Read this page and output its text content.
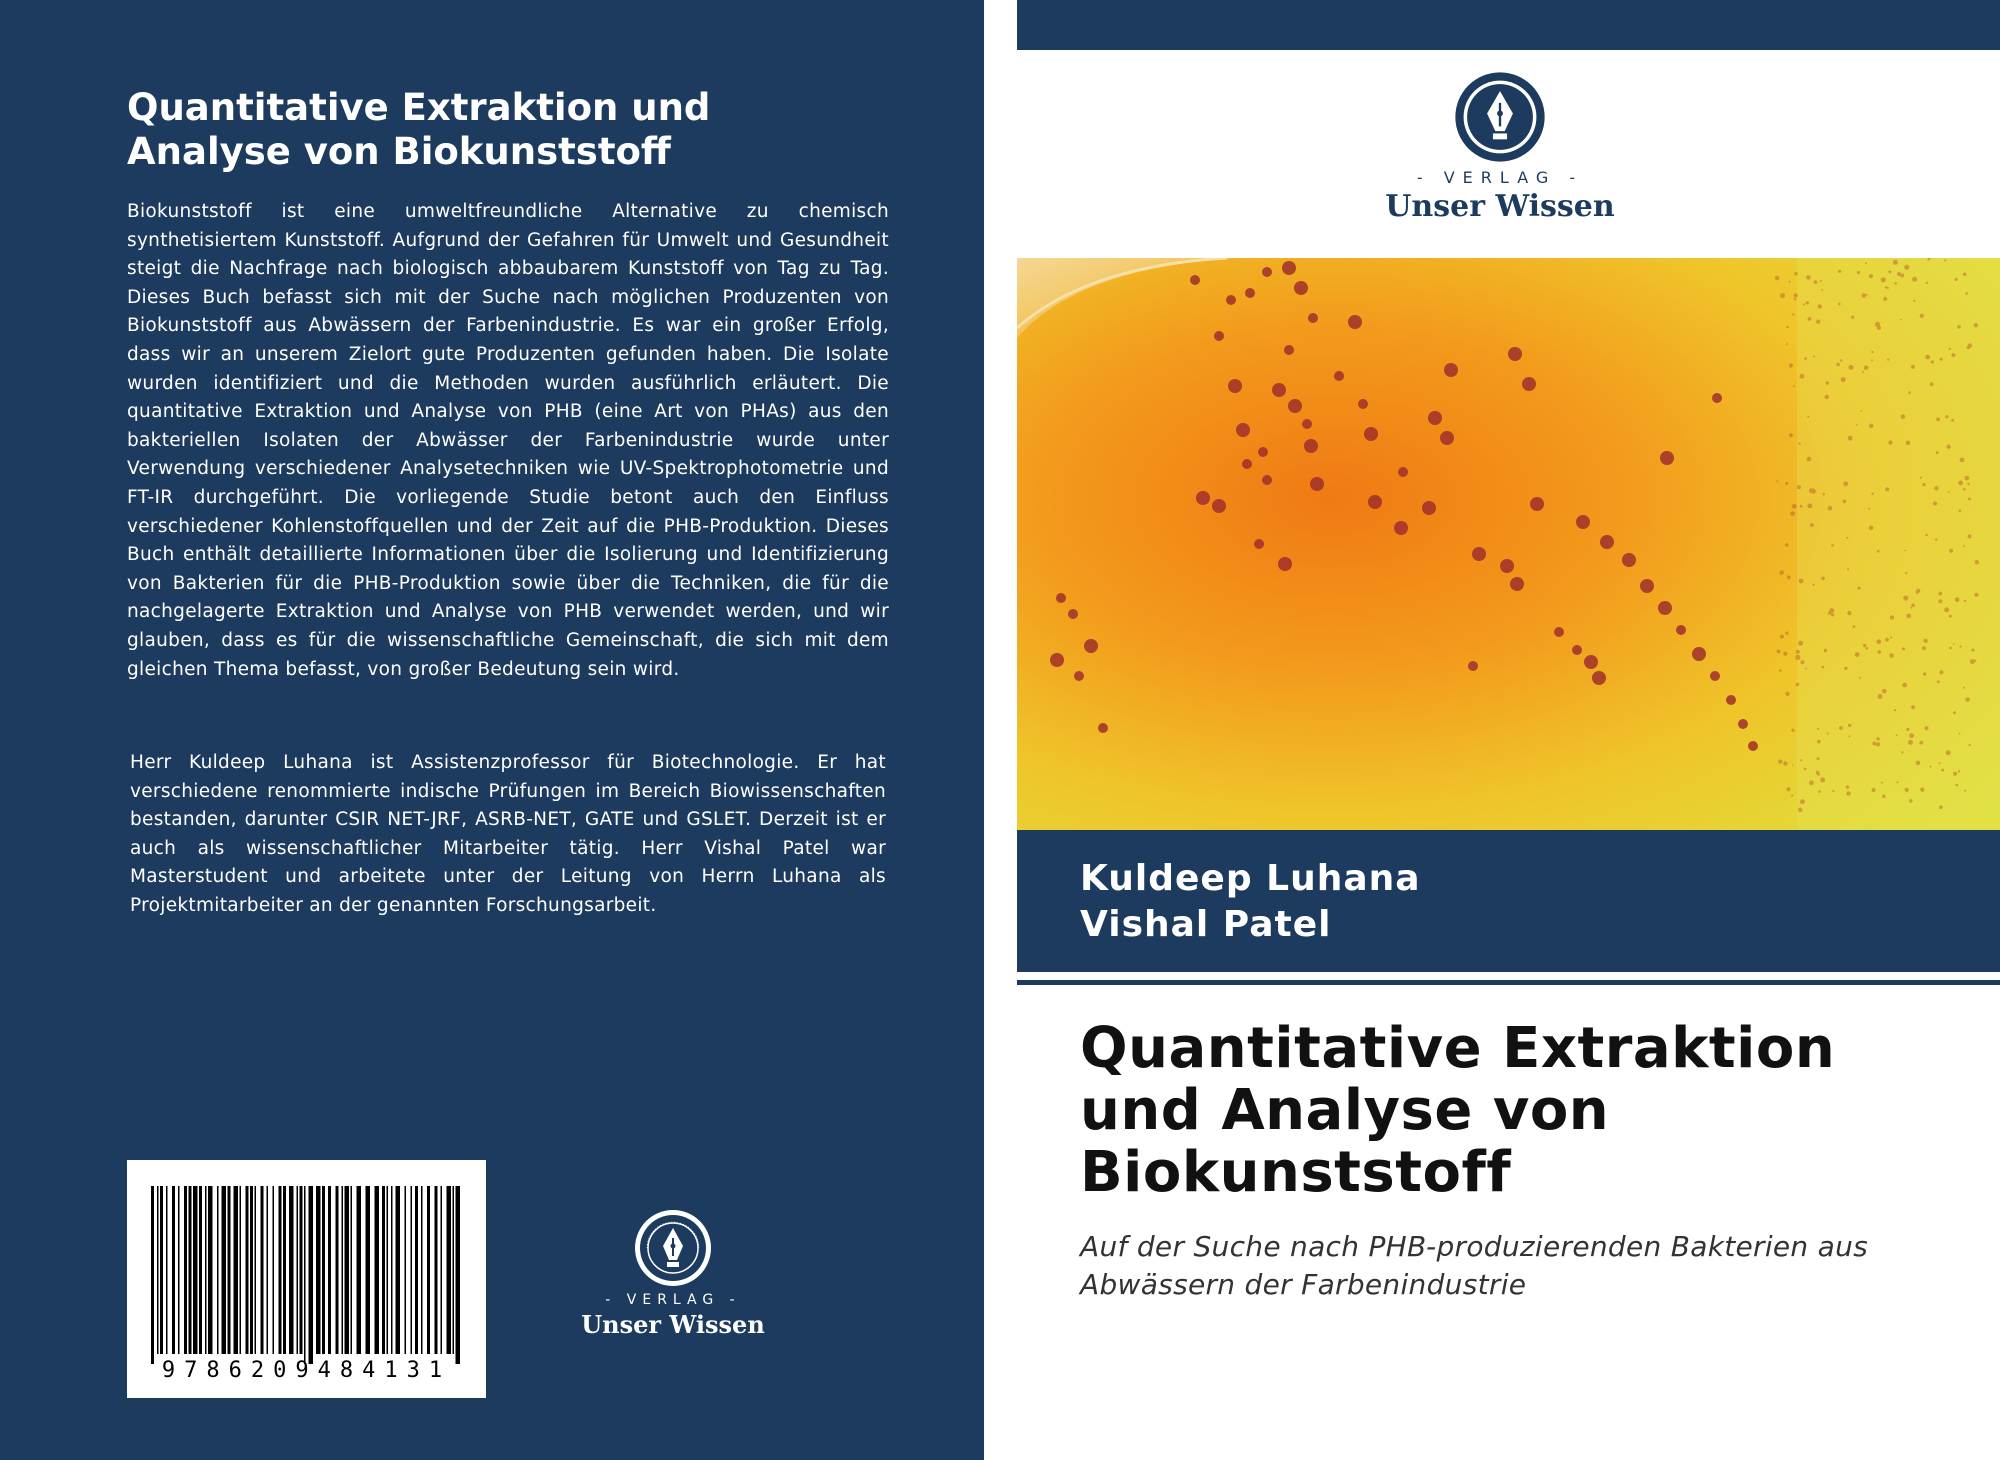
Quantitative Extraktion und Analyse von Biokunststoff

Biokunststoff ist eine umweltfreundliche Alternative zu chemisch synthetisiertem Kunststoff. Aufgrund der Gefahren für Umwelt und Gesundheit steigt die Nachfrage nach biologisch abbaubarem Kunststoff von Tag zu Tag. Dieses Buch befasst sich mit der Suche nach möglichen Produzenten von Biokunststoff aus Abwässern der Farbenindustrie. Es war ein großer Erfolg, dass wir an unserem Zielort gute Produzenten gefunden haben. Die Isolate wurden identifiziert und die Methoden wurden ausführlich erläutert. Die quantitative Extraktion und Analyse von PHB (eine Art von PHAs) aus den bakteriellen Isolaten der Abwässer der Farbenindustrie wurde unter Verwendung verschiedener Analysetechniken wie UV-Spektrophotometrie und FT-IR durchgeführt. Die vorliegende Studie betont auch den Einfluss verschiedener Kohlenstoffquellen und der Zeit auf die PHB-Produktion. Dieses Buch enthält detaillierte Informationen über die Isolierung und Identifizierung von Bakterien für die PHB-Produktion sowie über die Techniken, die für die nachgelagerte Extraktion und Analyse von PHB verwendet werden, und wir glauben, dass es für die wissenschaftliche Gemeinschaft, die sich mit dem gleichen Thema befasst, von großer Bedeutung sein wird.

Herr Kuldeep Luhana ist Assistenzprofessor für Biotechnologie. Er hat verschiedene renommierte indische Prüfungen im Bereich Biowissenschaften bestanden, darunter CSIR NET-JRF, ASRB-NET, GATE und GSLET. Derzeit ist er auch als wissenschaftlicher Mitarbeiter tätig. Herr Vishal Patel war Masterstudent und arbeitete unter der Leitung von Herrn Luhana als Projektmitarbeiter an der genannten Forschungsarbeit.

9786209484131
- VERLAG -
Unser Wissen
- VERLAG -
Unser Wissen

Kuldeep Luhana

Vishal Patel

Quantitative Extraktion und Analyse von Biokunststoff

Auf der Suche nach PHB-produzierenden Bakterien aus Abwässern der Farbenindustrie
